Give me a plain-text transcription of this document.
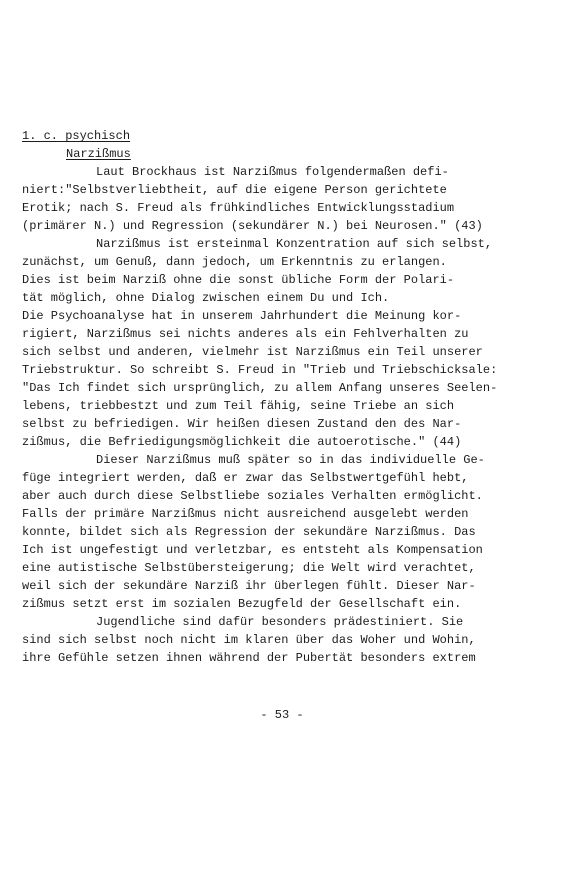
1. c. psychisch
Narzißmus
Laut Brockhaus ist Narzißmus folgendermaßen defi-
niert:"Selbstverliebtheit, auf die eigene Person gerichtete
Erotik; nach S. Freud als frühkindliches Entwicklungsstadium
(primärer N.) und Regression (sekundärer N.) bei Neurosen." (43)
Narzißmus ist ersteinmal Konzentration auf sich selbst,
zunächst, um Genuß, dann jedoch, um Erkenntnis zu erlangen.
Dies ist beim Narziß ohne die sonst übliche Form der Polari-
tät möglich, ohne Dialog zwischen einem Du und Ich.
Die Psychoanalyse hat in unserem Jahrhundert die Meinung kor-
rigiert, Narzißmus sei nichts anderes als ein Fehlverhalten zu
sich selbst und anderen, vielmehr ist Narzißmus ein Teil unserer
Triebstruktur. So schreibt S. Freud in "Trieb und Triebschicksale:
"Das Ich findet sich ursprünglich, zu allem Anfang unseres Seelen-
lebens, triebbestzt und zum Teil fähig, seine Triebe an sich
selbst zu befriedigen. Wir heißen diesen Zustand den des Nar-
zißmus, die Befriedigungsmöglichkeit die autoerotische." (44)
Dieser Narzißmus muß später so in das individuelle Ge-
füge integriert werden, daß er zwar das Selbstwertgefühl hebt,
aber auch durch diese Selbstliebe soziales Verhalten ermöglicht.
Falls der primäre Narzißmus nicht ausreichend ausgelebt werden
konnte, bildet sich als Regression der sekundäre Narzißmus. Das
Ich ist ungefestigt und verletzbar, es entsteht als Kompensation
eine autistische Selbstübersteigerung; die Welt wird verachtet,
weil sich der sekundäre Narziß ihr überlegen fühlt. Dieser Nar-
zißmus setzt erst im sozialen Bezugfeld der Gesellschaft ein.
Jugendliche sind dafür besonders prädestiniert. Sie
sind sich selbst noch nicht im klaren über das Woher und Wohin,
ihre Gefühle setzen ihnen während der Pubertät besonders extrem
- 53 -
